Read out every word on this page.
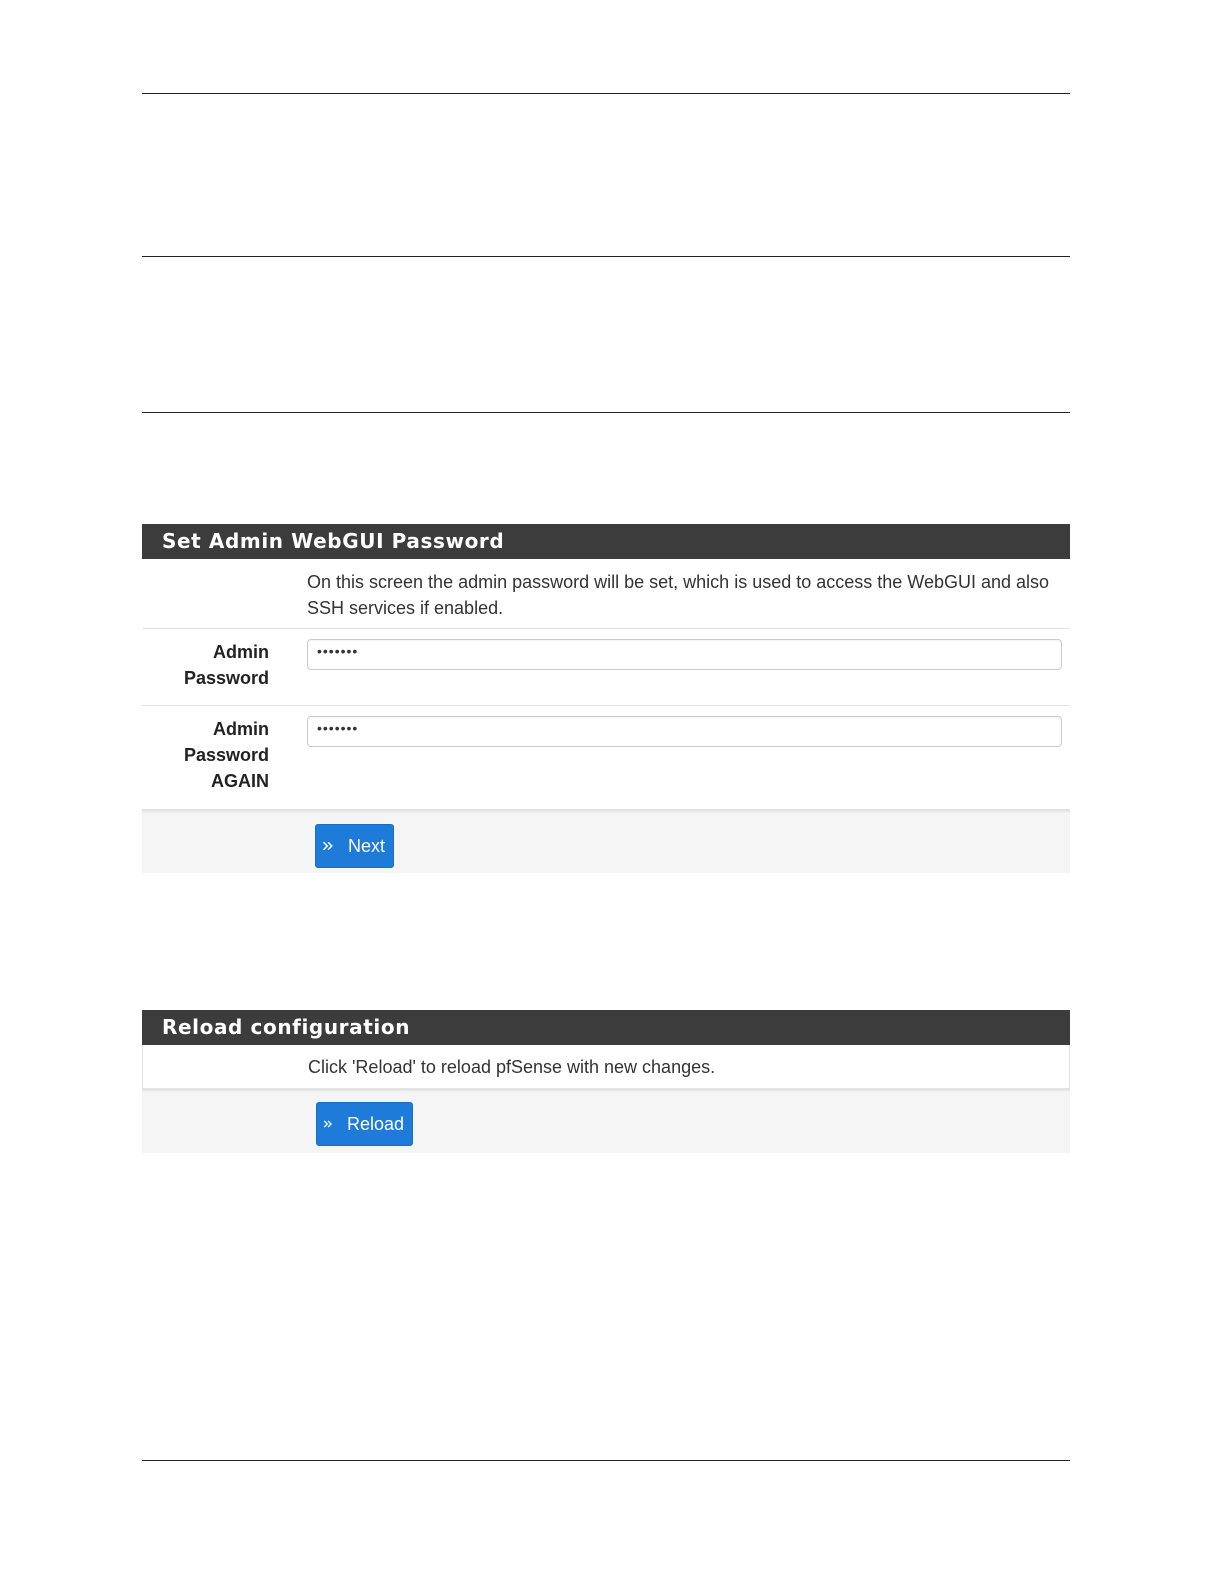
Set Admin WebGUI Password
On this screen the admin password will be set, which is used to access the WebGUI and also SSH services if enabled.
Admin
Password
•••••••
Admin
Password
AGAIN
•••••••
Next
Reload configuration
Click 'Reload' to reload pfSense with new changes.
Reload
